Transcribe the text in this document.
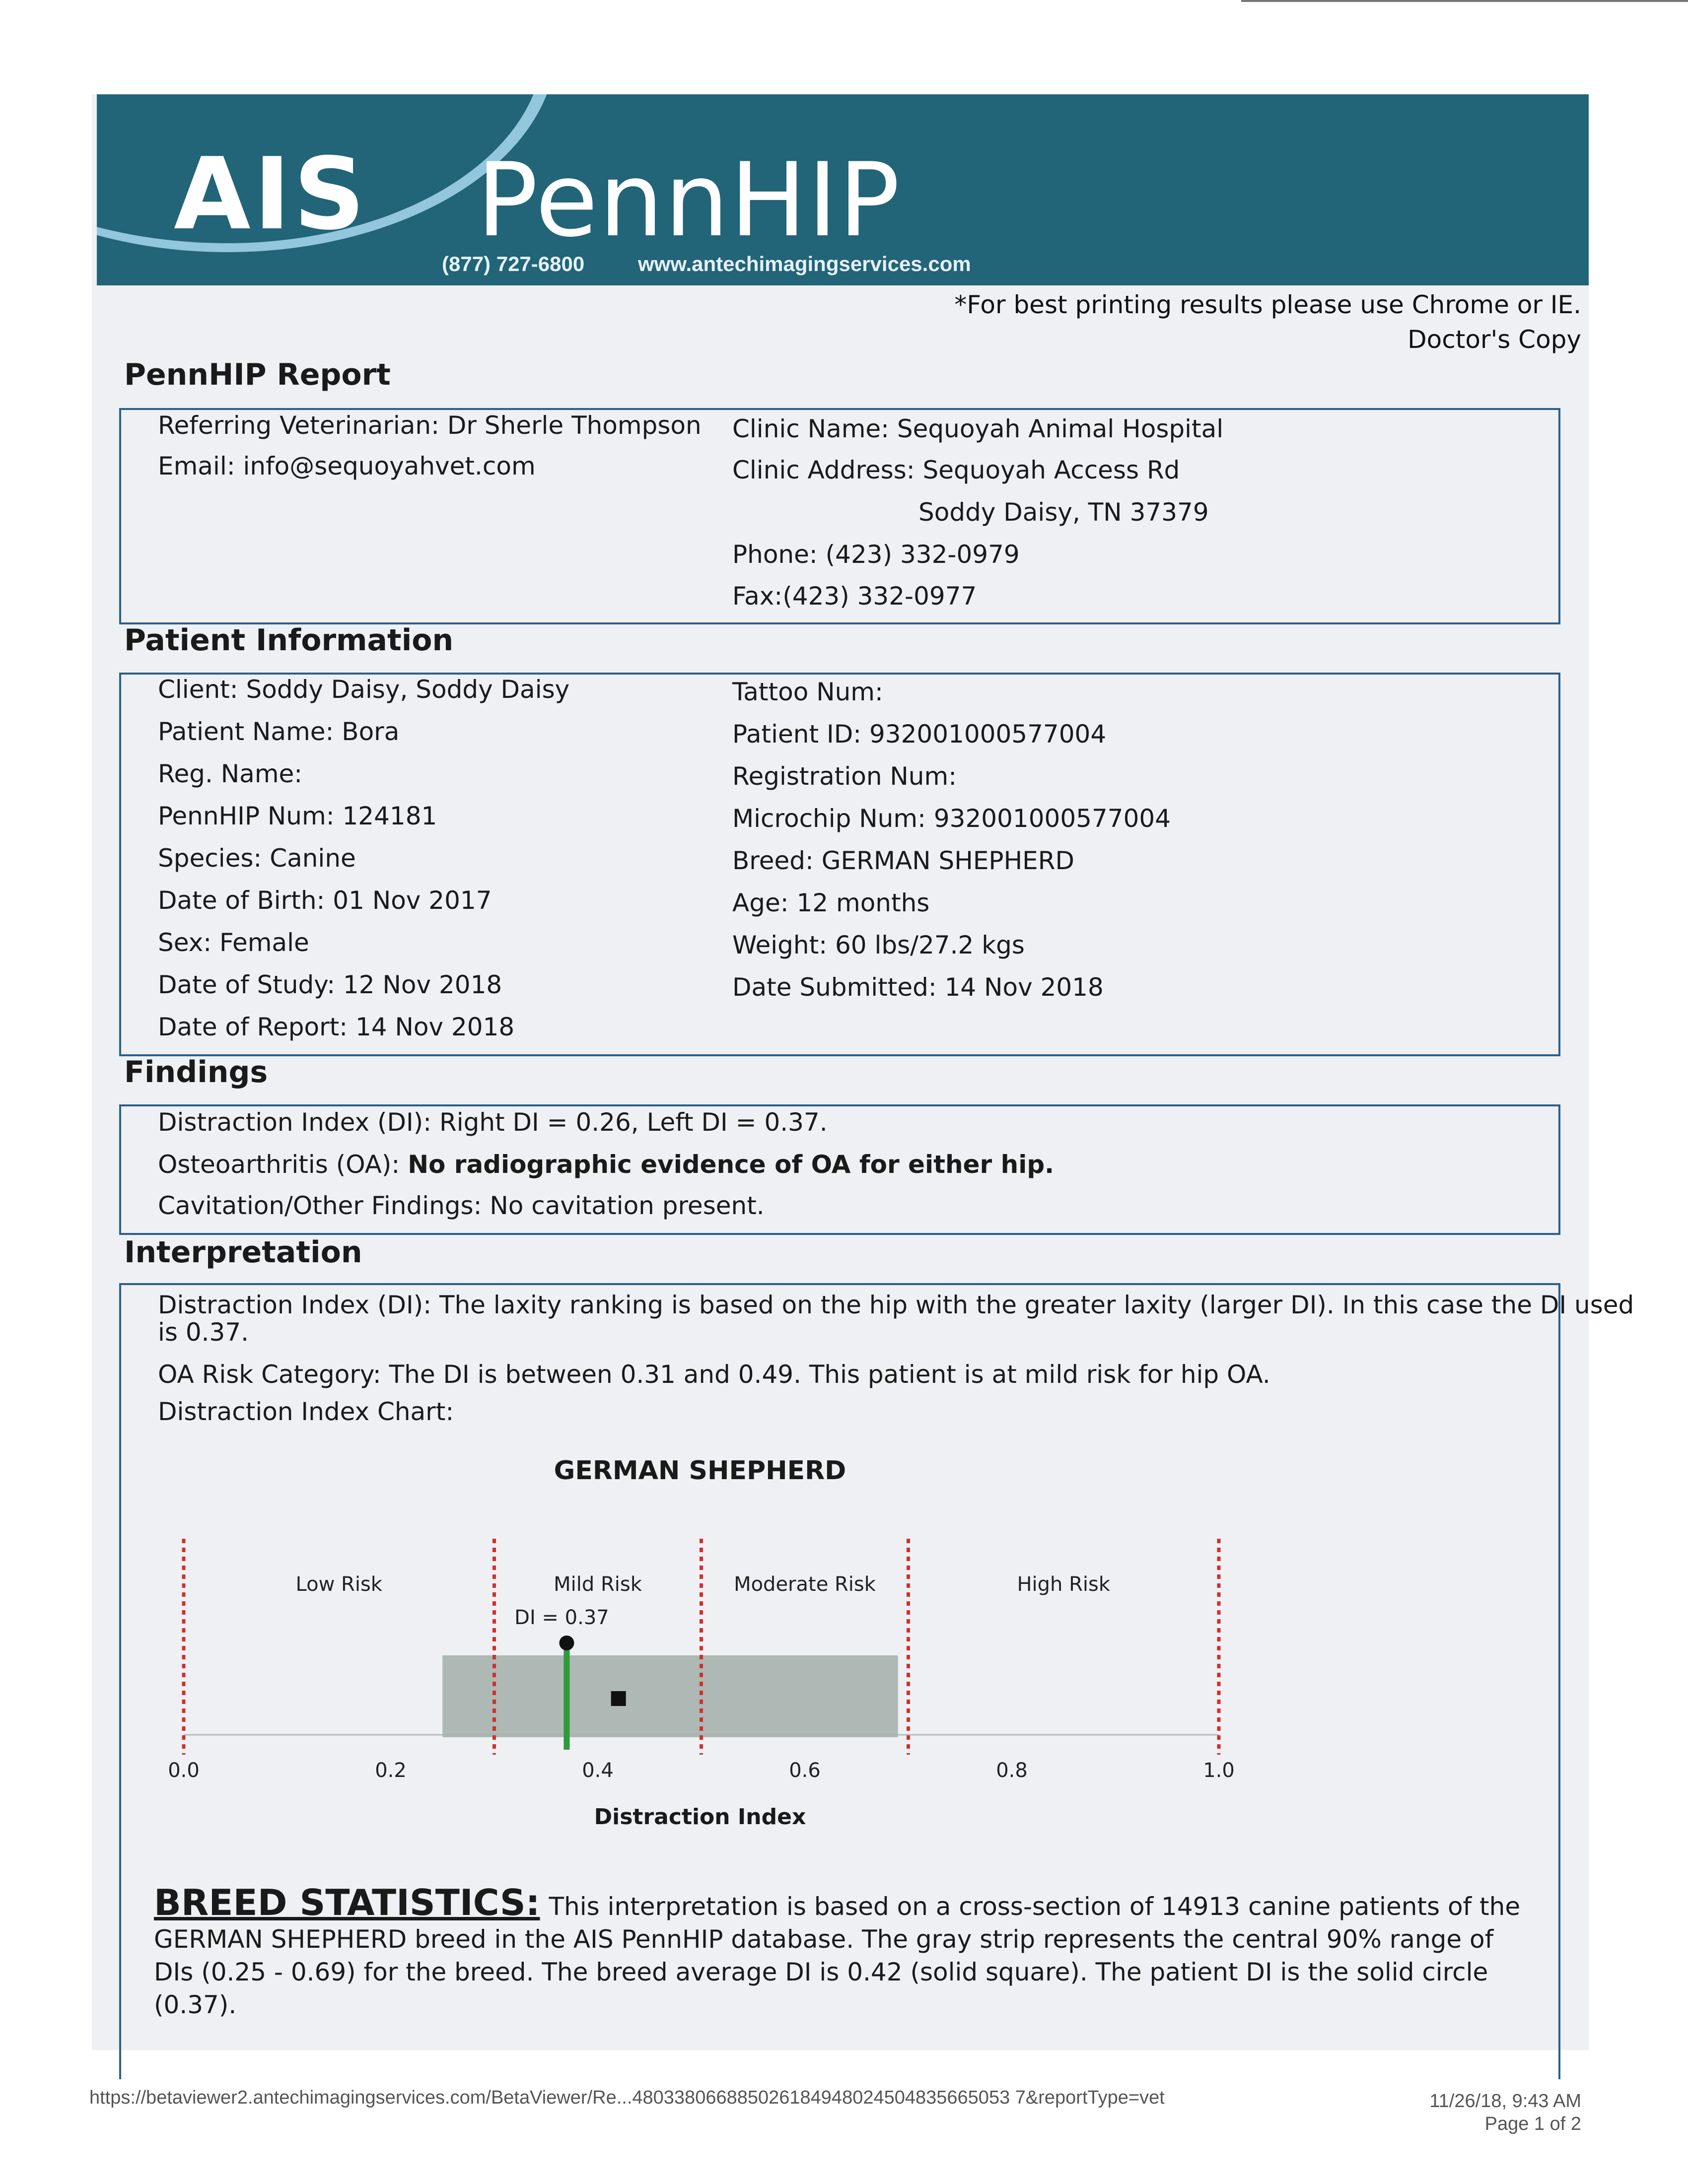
AIS PennHIP
(877) 727-6800	www.antechimagingservices.com
*For best printing results please use Chrome or IE.
Doctor's Copy
PennHIP Report
Referring Veterinarian: Dr Sherle Thompson
Email: info@sequoyahvet.com
Clinic Name: Sequoyah Animal Hospital
Clinic Address: Sequoyah Access Rd
Soddy Daisy, TN 37379
Phone: (423) 332-0979
Fax:(423) 332-0977
Patient Information
Client: Soddy Daisy, Soddy Daisy
Patient Name: Bora
Reg. Name:
PennHIP Num: 124181
Species: Canine
Date of Birth: 01 Nov 2017
Sex: Female
Date of Study: 12 Nov 2018
Date of Report: 14 Nov 2018
Tattoo Num:
Patient ID: 932001000577004
Registration Num:
Microchip Num: 932001000577004
Breed: GERMAN SHEPHERD
Age: 12 months
Weight: 60 lbs/27.2 kgs
Date Submitted: 14 Nov 2018
Findings
Distraction Index (DI): Right DI = 0.26, Left DI = 0.37.
Osteoarthritis (OA): No radiographic evidence of OA for either hip.
Cavitation/Other Findings: No cavitation present.
Interpretation
Distraction Index (DI): The laxity ranking is based on the hip with the greater laxity (larger DI). In this case the DI used
is 0.37.
OA Risk Category: The DI is between 0.31 and 0.49. This patient is at mild risk for hip OA.
Distraction Index Chart:
GERMAN SHEPHERD
Low Risk	Mild Risk	Moderate Risk	High Risk
0.0	0.2	0.4	0.6	0.8	1.0
DI = 0.37
Distraction Index
BREED STATISTICS: This interpretation is based on a cross-section of 14913 canine patients of the GERMAN SHEPHERD breed in the AIS PennHIP database. The gray strip represents the central 90% range of DIs (0.25 - 0.69) for the breed. The breed average DI is 0.42 (solid square). The patient DI is the solid circle (0.37).
https://betaviewer2.antechimagingservices.com/BetaViewer/Re...480338066885026184948024504835665053 7&reportType=vet	11/26/18, 9:43 AM
Page 1 of 2
